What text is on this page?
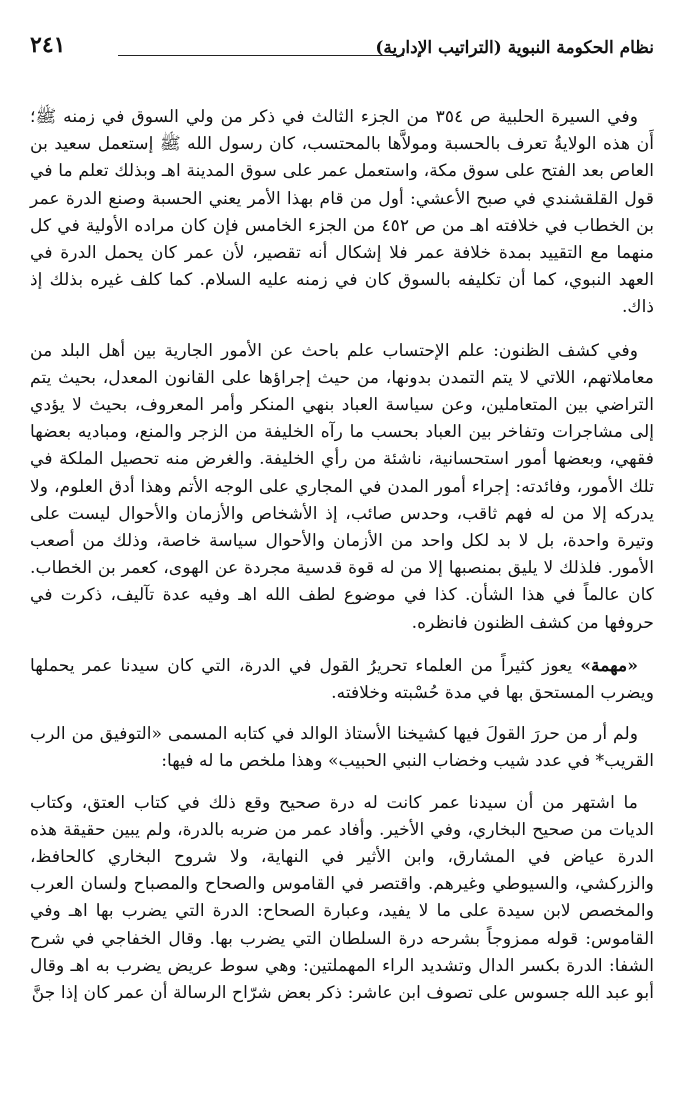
نظام الحكومة النبوية (التراتيب الإدارية)
٢٤١

وفي السيرة الحلبية ص ٣٥٤ من الجزء الثالث في ذكر من ولي السوق في زمنه ﷺ؛ أَن هذه الولايةُ تعرف بالحسبة ومولاَّها بالمحتسب، كان رسول الله ﷺ إستعمل سعيد بن العاص بعد الفتح على سوق مكة، واستعمل عمر على سوق المدينة اهـ وبذلك تعلم ما في قول القلقشندي في صبح الأعشي: أول من قام بهذا الأمر يعني الحسبة وصنع الدرة عمر بن الخطاب في خلافته اهـ من ص ٤٥٢ من الجزء الخامس فإن كان مراده الأولية في كل منهما مع التقييد بمدة خلافة عمر فلا إشكال أنه تقصير، لأن عمر كان يحمل الدرة في العهد النبوي، كما أن تكليفه بالسوق كان في زمنه عليه السلام. كما كلف غيره بذلك إذ ذاك.

وفي كشف الظنون: علم الإحتساب علم باحث عن الأمور الجارية بين أهل البلد من معاملاتهم، اللاتي لا يتم التمدن بدونها، من حيث إجراؤها على القانون المعدل، بحيث يتم التراضي بين المتعاملين، وعن سياسة العباد بنهي المنكر وأمر المعروف، بحيث لا يؤدي إلى مشاجرات وتفاخر بين العباد بحسب ما رآه الخليفة من الزجر والمنع، ومباديه بعضها فقهي، وبعضها أمور استحسانية، ناشئة من رأي الخليفة. والغرض منه تحصيل الملكة في تلك الأمور، وفائدته: إجراء أمور المدن في المجاري على الوجه الأتم وهذا أدق العلوم، ولا يدركه إلا من له فهم ثاقب، وحدس صائب، إذ الأشخاص والأزمان والأحوال ليست على وتيرة واحدة، بل لا بد لكل واحد من الأزمان والأحوال سياسة خاصة، وذلك من أصعب الأمور. فلذلك لا يليق بمنصبها إلا من له قوة قدسية مجردة عن الهوى، كعمر بن الخطاب. كان عالماً في هذا الشأن. كذا في موضوع لطف الله اهـ وفيه عدة تآليف، ذكرت في حروفها من كشف الظنون فانظره.

«مهمة» يعوز كثيراً من العلماء تحريرُ القول في الدرة، التي كان سيدنا عمر يحملها ويضرب المستحق بها في مدة حُسْبته وخلافته.

ولم أر من حررَ القولَ فيها كشيخنا الأستاذ الوالد في كتابه المسمى «التوفيق من الرب القريب* في عدد شيب وخضاب النبي الحبيب» وهذا ملخص ما له فيها:

ما اشتهر من أن سيدنا عمر كانت له درة صحيح وقع ذلك في كتاب العتق، وكتاب الديات من صحيح البخاري، وفي الأخير. وأفاد عمر من ضربه بالدرة، ولم يبين حقيقة هذه الدرة عياض في المشارق، وابن الأثير في النهاية، ولا شروح البخاري كالحافظ، والزركشي، والسيوطي وغيرهم. واقتصر في القاموس والصحاح والمصباح ولسان العرب والمخصص لابن سيدة على ما لا يفيد، وعبارة الصحاح: الدرة التي يضرب بها اهـ وفي القاموس: قوله ممزوجاً بشرحه درة السلطان التي يضرب بها. وقال الخفاجي في شرح الشفا: الدرة بكسر الدال وتشديد الراء المهملتين: وهي سوط عريض يضرب به اهـ وقال أبو عبد الله جسوس على تصوف ابن عاشر: ذكر بعض شرّاح الرسالة أن عمر كان إذا جنَّ
